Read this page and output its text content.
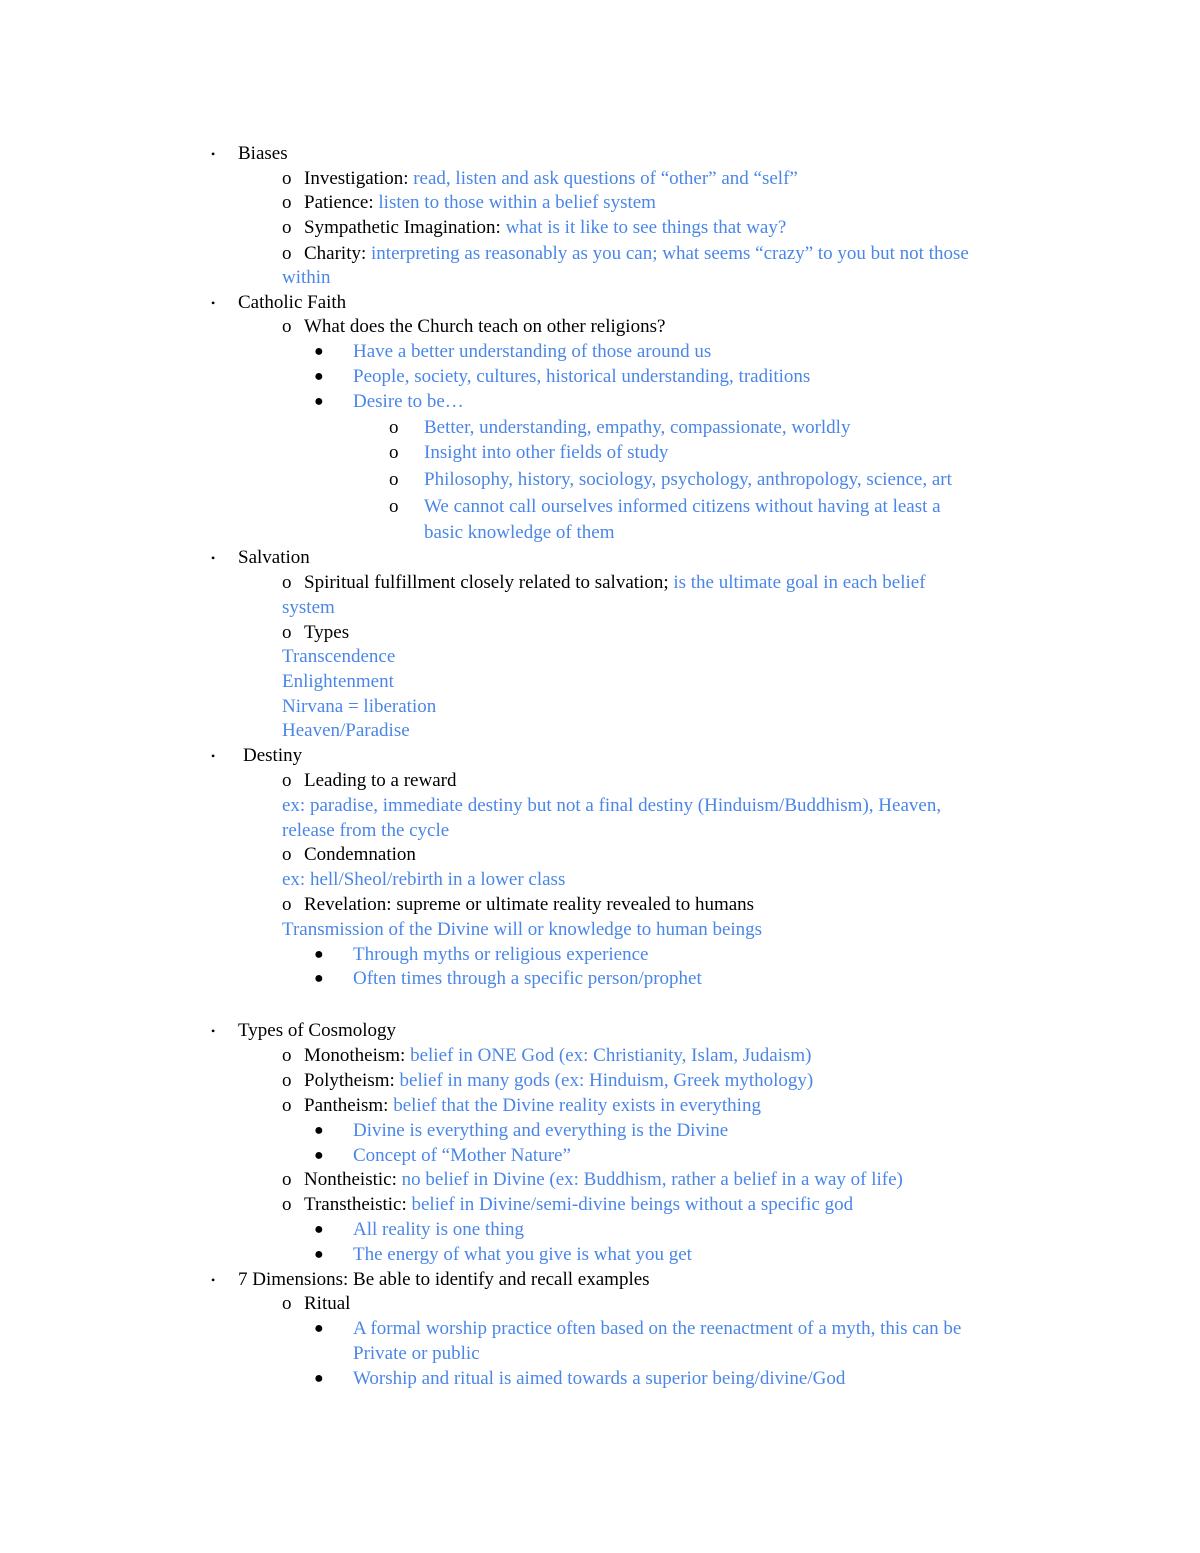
• Biases
o Investigation: read, listen and ask questions of “other” and “self”
o Patience: listen to those within a belief system
o Sympathetic Imagination: what is it like to see things that way?
o Charity: interpreting as reasonably as you can; what seems “crazy” to you but not those
within
• Catholic Faith
o What does the Church teach on other religions?
● Have a better understanding of those around us
● People, society, cultures, historical understanding, traditions
● Desire to be…
o Better, understanding, empathy, compassionate, worldly
o Insight into other fields of study
o Philosophy, history, sociology, psychology, anthropology, science, art
o We cannot call ourselves informed citizens without having at least a
basic knowledge of them
• Salvation
o Spiritual fulfillment closely related to salvation; is the ultimate goal in each belief
system
o Types
Transcendence
Enlightenment
Nirvana = liberation
Heaven/Paradise
• Destiny
o Leading to a reward
ex: paradise, immediate destiny but not a final destiny (Hinduism/Buddhism), Heaven,
release from the cycle
o Condemnation
ex: hell/Sheol/rebirth in a lower class
o Revelation: supreme or ultimate reality revealed to humans
Transmission of the Divine will or knowledge to human beings
● Through myths or religious experience
● Often times through a specific person/prophet
• Types of Cosmology
o Monotheism: belief in ONE God (ex: Christianity, Islam, Judaism)
o Polytheism: belief in many gods (ex: Hinduism, Greek mythology)
o Pantheism: belief that the Divine reality exists in everything
● Divine is everything and everything is the Divine
● Concept of “Mother Nature”
o Nontheistic: no belief in Divine (ex: Buddhism, rather a belief in a way of life)
o Transtheistic: belief in Divine/semi-divine beings without a specific god
● All reality is one thing
● The energy of what you give is what you get
• 7 Dimensions: Be able to identify and recall examples
o Ritual
● A formal worship practice often based on the reenactment of a myth, this can be
Private or public
● Worship and ritual is aimed towards a superior being/divine/God
